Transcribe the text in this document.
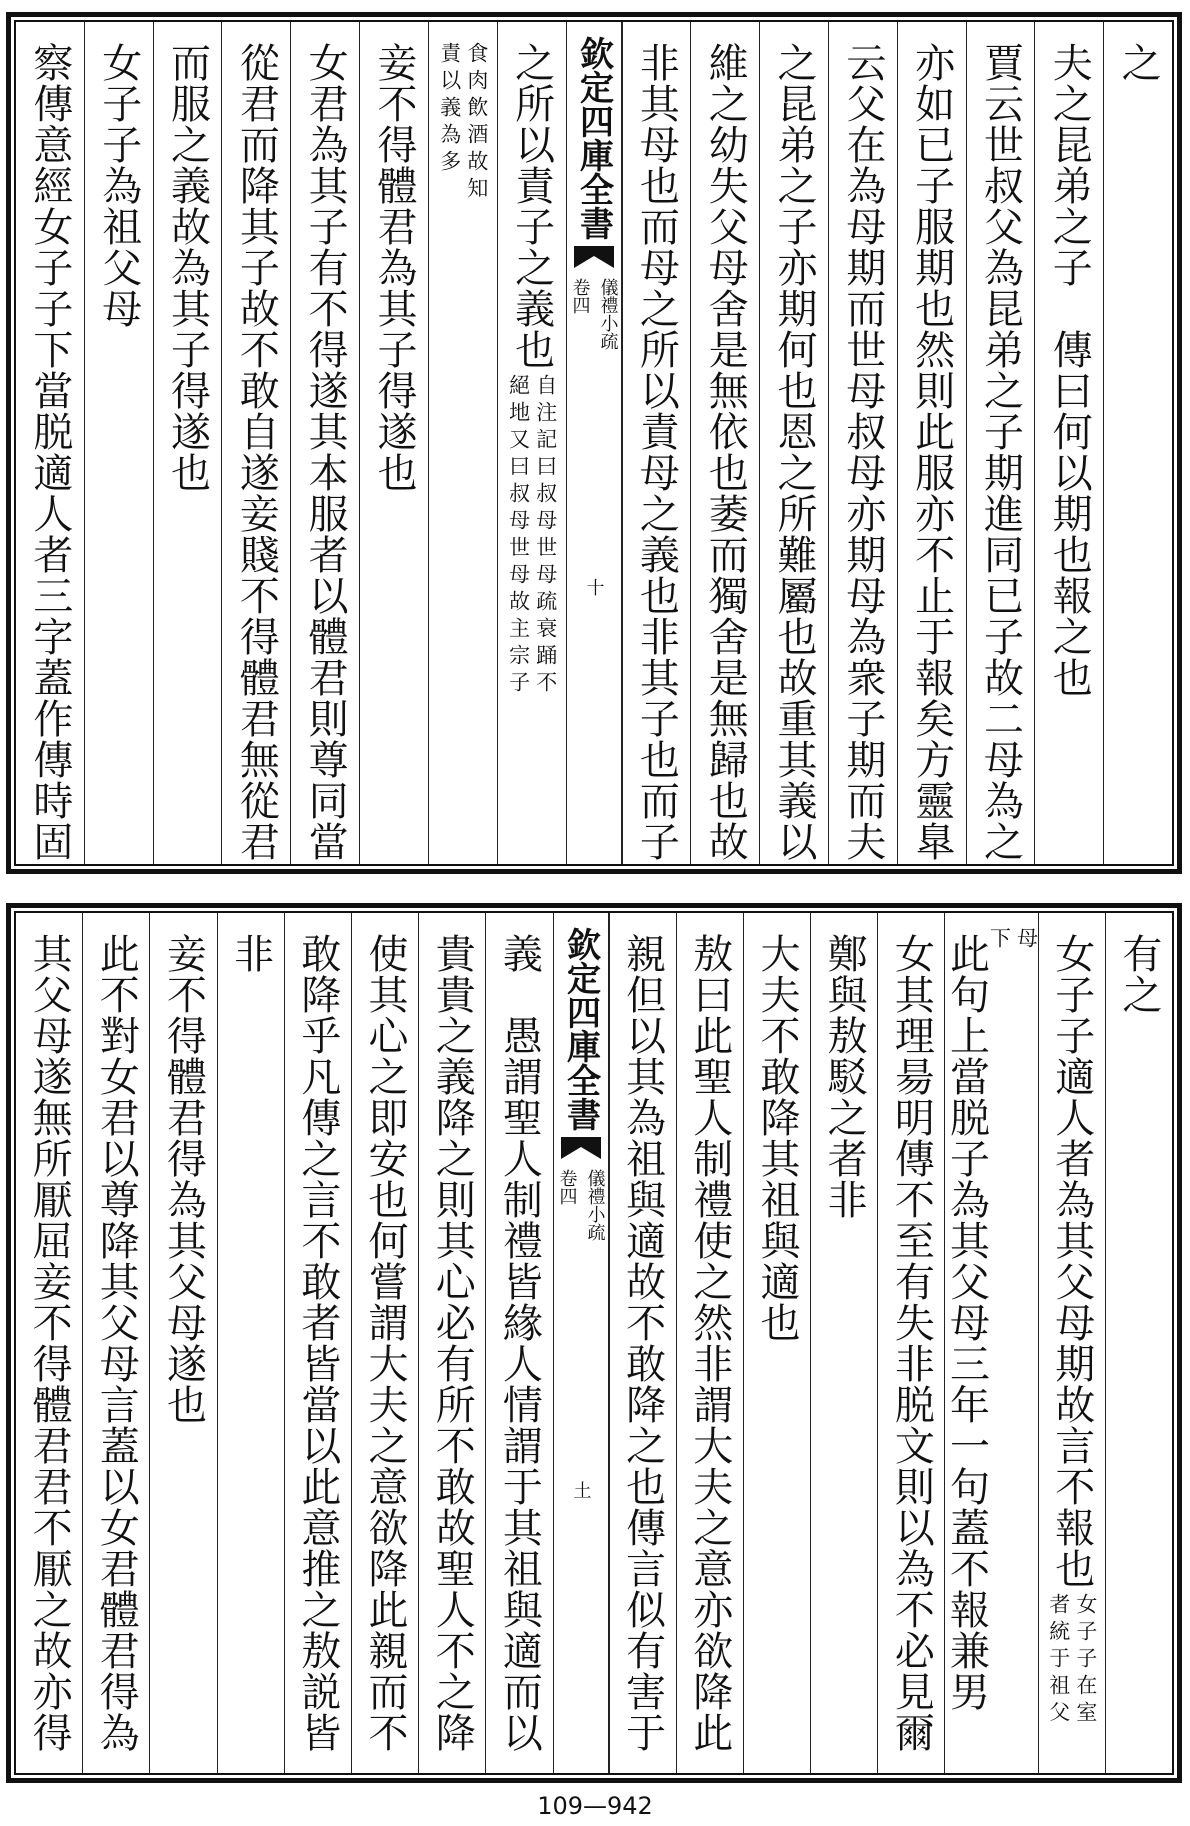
之
夫之昆弟之子　傳曰何以期也報之也
賈云世叔父為昆弟之子期進同已子故二母為之
亦如已子服期也然則此服亦不止于報矣方靈臯
云父在為母期而世母叔母亦期母為衆子期而夫
之昆弟之子亦期何也恩之所難屬也故重其義以
維之幼失父母舍是無依也萎而獨舍是無歸也故
非其母也而母之所以責母之義也非其子也而子
欽定四庫全書
儀禮小疏
卷四
十
之所以責子之義也
自注記曰叔母世母疏衰踊不
絕地又曰叔母世母故主宗子
食肉飲酒故知
責以義為多
妾不得體君為其子得遂也
女君為其子有不得遂其本服者以體君則尊同當
從君而降其子故不敢自遂妾賤不得體君無從君
而服之義故為其子得遂也
女子子為祖父母
察傳意經女子子下當脱適人者三字蓋作傳時固
有之
女子子適人者為其父母期故言不報也
女子子在室
者統于祖父
母
下
此句上當脱子為其父母三年一句蓋不報兼男
女其理昜明傳不至有失非脱文則以為不必見爾
鄭與敖駁之者非
大夫不敢降其祖與適也
敖曰此聖人制禮使之然非謂大夫之意亦欲降此
親但以其為祖與適故不敢降之也傳言似有害于
欽定四庫全書
儀禮小疏
卷四
土
義　愚謂聖人制禮皆緣人情謂于其祖與適而以
貴貴之義降之則其心必有所不敢故聖人不之降
使其心之即安也何嘗謂大夫之意欲降此親而不
敢降乎凡傳之言不敢者皆當以此意推之敖説皆
非
妾不得體君得為其父母遂也
此不對女君以尊降其父母言蓋以女君體君得為
其父母遂無所厭屈妾不得體君君不厭之故亦得
109—942
